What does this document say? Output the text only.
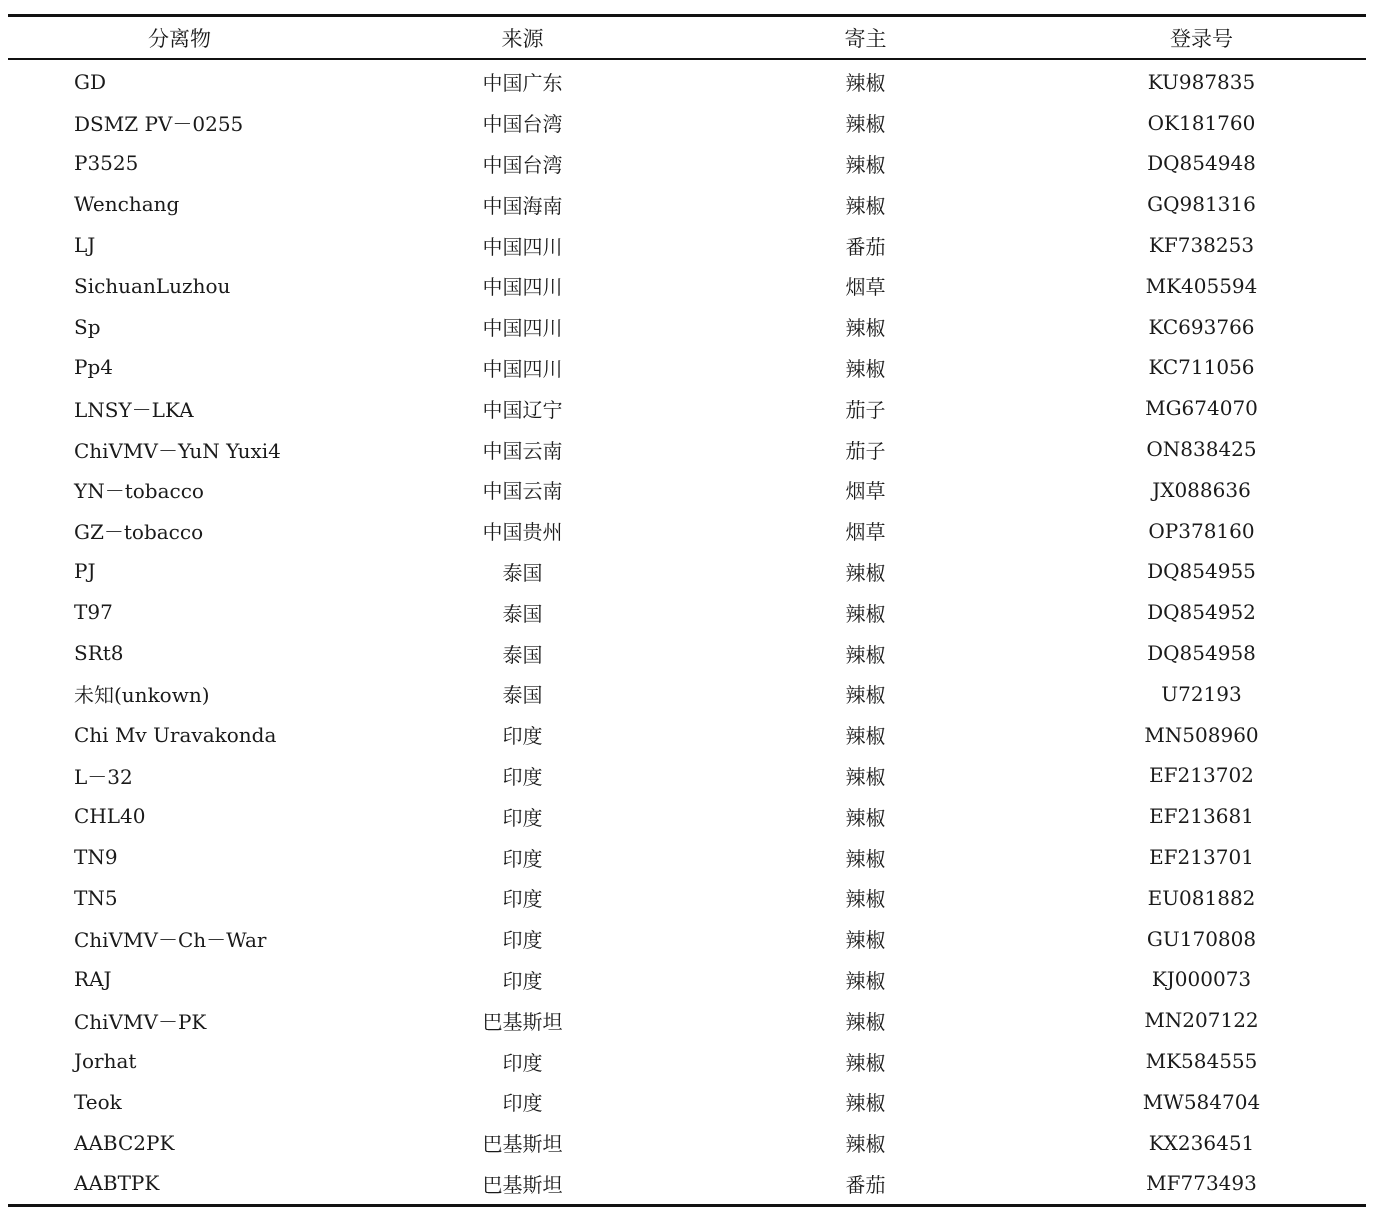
分离物	来源	寄主	登录号
GD	中国广东	辣椒	KU987835
DSMZ PV－0255	中国台湾	辣椒	OK181760
P3525	中国台湾	辣椒	DQ854948
Wenchang	中国海南	辣椒	GQ981316
LJ	中国四川	番茄	KF738253
SichuanLuzhou	中国四川	烟草	MK405594
Sp	中国四川	辣椒	KC693766
Pp4	中国四川	辣椒	KC711056
LNSY－LKA	中国辽宁	茄子	MG674070
ChiVMV－YuN Yuxi4	中国云南	茄子	ON838425
YN－tobacco	中国云南	烟草	JX088636
GZ－tobacco	中国贵州	烟草	OP378160
PJ	泰国	辣椒	DQ854955
T97	泰国	辣椒	DQ854952
SRt8	泰国	辣椒	DQ854958
未知(unkown)	泰国	辣椒	U72193
Chi Mv Uravakonda	印度	辣椒	MN508960
L－32	印度	辣椒	EF213702
CHL40	印度	辣椒	EF213681
TN9	印度	辣椒	EF213701
TN5	印度	辣椒	EU081882
ChiVMV－Ch－War	印度	辣椒	GU170808
RAJ	印度	辣椒	KJ000073
ChiVMV－PK	巴基斯坦	辣椒	MN207122
Jorhat	印度	辣椒	MK584555
Teok	印度	辣椒	MW584704
AABC2PK	巴基斯坦	辣椒	KX236451
AABTPK	巴基斯坦	番茄	MF773493
